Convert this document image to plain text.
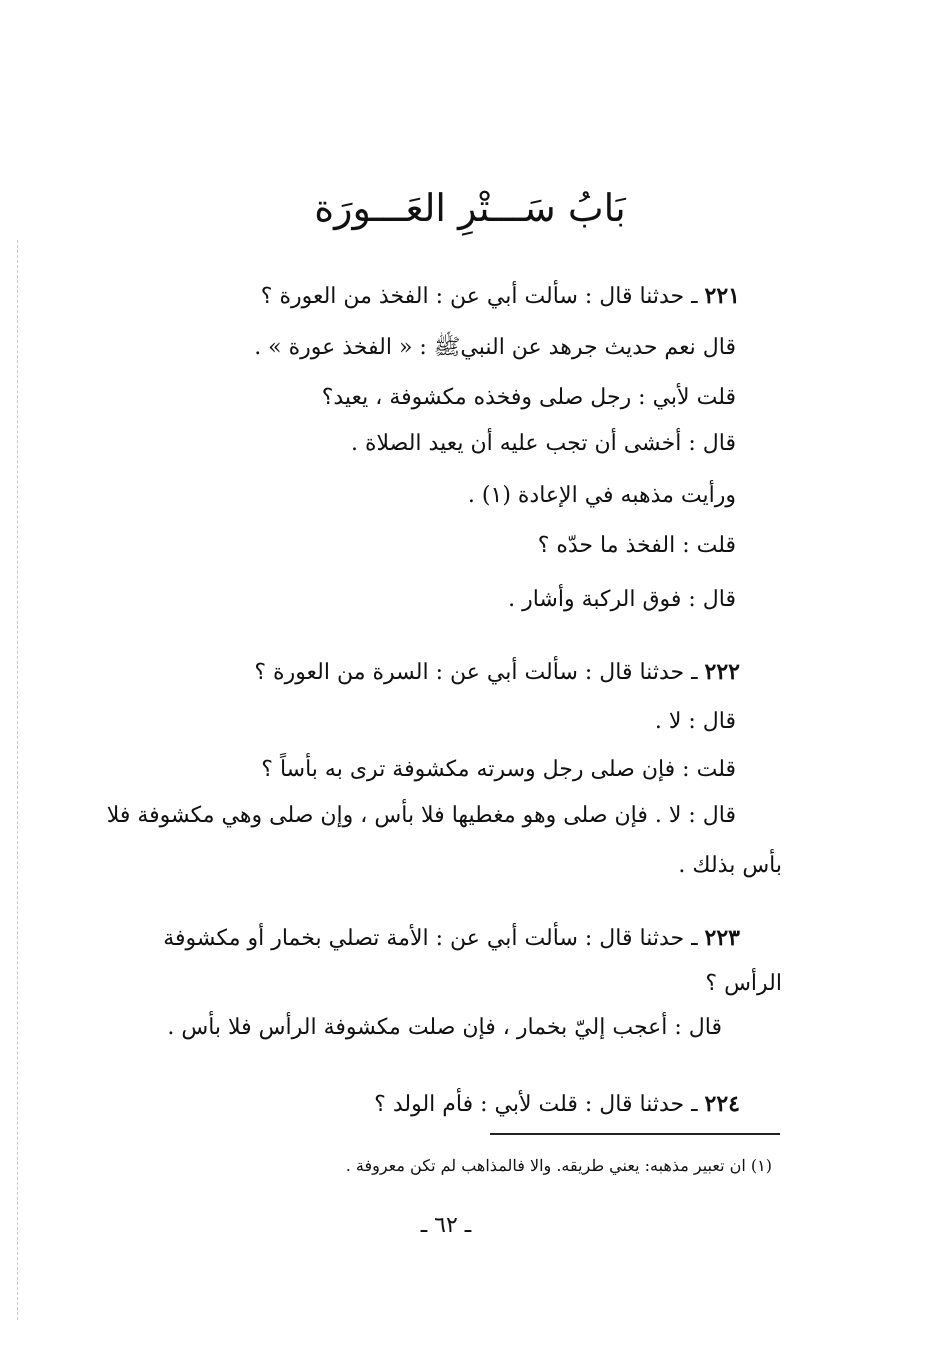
بَابُ سَـــتْرِ العَـــورَة
٢٢١ ـ حدثنا قال : سألت أبي عن : الفخذ من العورة ؟
قال نعم حديث جرهد عن النبيﷺ : « الفخذ عورة » .
قلت لأبي : رجل صلى وفخذه مكشوفة ، يعيد؟
قال : أخشى أن تجب عليه أن يعيد الصلاة .
ورأيت مذهبه في الإعادة (١) .
قلت : الفخذ ما حدّه ؟
قال : فوق الركبة وأشار .
٢٢٢ ـ حدثنا قال : سألت أبي عن : السرة من العورة ؟
قال : لا .
قلت : فإن صلى رجل وسرته مكشوفة ترى به بأساً ؟
قال : لا . فإن صلى وهو مغطيها فلا بأس ، وإن صلى وهي مكشوفة فلا
بأس بذلك .
٢٢٣ ـ حدثنا قال : سألت أبي عن : الأمة تصلي بخمار أو مكشوفة
الرأس ؟
قال : أعجب إليّ بخمار ، فإن صلت مكشوفة الرأس فلا بأس .
٢٢٤ ـ حدثنا قال : قلت لأبي : فأم الولد ؟
(١) ان تعبير مذهبه: يعني طريقه. والا فالمذاهب لم تكن معروفة .
ـ ٦٢ ـ
